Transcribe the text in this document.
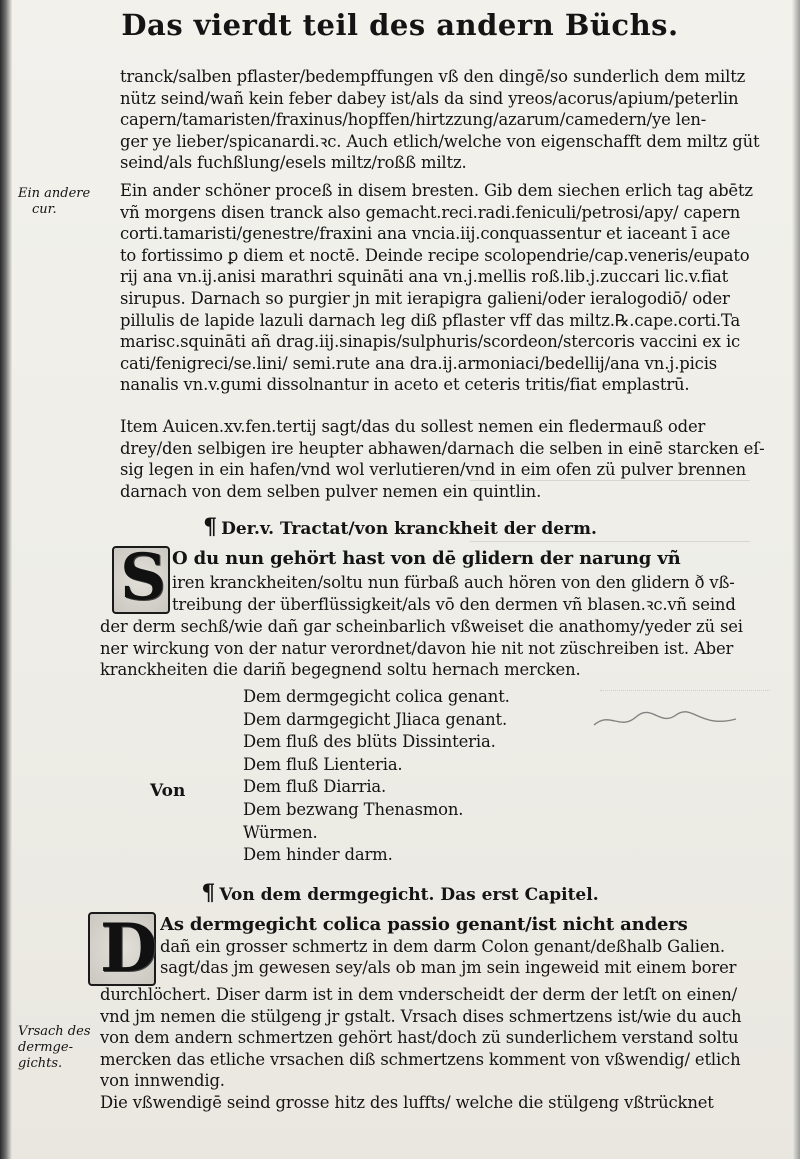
Das vierdt teil des andern Büchs.
tranck/salben pflaster/bedempffungen vß den dingē/so sunderlich dem miltz
nütz seind/wañ kein feber dabey ist/als da sind yreos/acorus/apium/peterlin
capern/tamaristen/fraxinus/hopffen/hirtzzung/azarum/camedern/ye len-
ger ye lieber/spicanardi.ꝛc. Auch etlich/welche von eigenschafft dem miltz güt
seind/als fuchßlung/esels miltz/roßß miltz.
Ein andere
cur.
Ein ander schöner proceß in disem bresten. Gib dem siechen erlich tag abētz
vñ morgens disen tranck also gemacht.reci.radi.feniculi/petrosi/apy/ capern
corti.tamaristi/genestre/fraxini ana vncia.iij.conquassentur et iaceant ī ace
to fortissimo ꝑ diem et noctē. Deinde recipe scolopendrie/cap.veneris/eupato
rij ana vn.ij.anisi marathri squināti ana vn.j.mellis roß.lib.j.zuccari lic.v.fiat
sirupus. Darnach so purgier jn mit ierapigra galieni/oder ieralogodiō/ oder
pillulis de lapide lazuli darnach leg diß pflaster vff das miltz.℞.cape.corti.Ta
marisc.squināti añ drag.iij.sinapis/sulphuris/scordeon/stercoris vaccini ex ic
cati/fenigreci/se.lini/ semi.rute ana dra.ij.armoniaci/bedellij/ana vn.j.picis
nanalis vn.v.gumi dissolnantur in aceto et ceteris tritis/fiat emplastrū.
Item Auicen.xv.fen.tertij sagt/das du sollest nemen ein fledermauß oder
drey/den selbigen ire heupter abhawen/darnach die selben in einē starcken eſ-
sig legen in ein hafen/vnd wol verlutieren/vnd in eim ofen zü pulver brennen
darnach von dem selben pulver nemen ein quintlin.
¶ Der.v. Tractat/von kranckheit der derm.
S O du nun gehört hast von dē glidern der narung vñ
iren kranckheiten/soltu nun fürbaß auch hören von den glidern ð vß-
treibung der überflüssigkeit/als vō den dermen vñ blasen.ꝛc.vñ seind
der derm sechß/wie dañ gar scheinbarlich vßweiset die anathomy/yeder zü sei
ner wirckung von der natur verordnet/davon hie nit not züschreiben ist. Aber
kranckheiten die dariñ begegnend soltu hernach mercken.
Von
Dem dermgegicht colica genant.
Dem darmgegicht Jliaca genant.
Dem fluß des blüts Dissinteria.
Dem fluß Lienteria.
Dem fluß Diarria.
Dem bezwang Thenasmon.
Würmen.
Dem hinder darm.
¶ Von dem dermgegicht. Das erst Capitel.
D As dermgegicht colica passio genant/ist nicht anders
dañ ein grosser schmertz in dem darm Colon genant/deßhalb Galien.
sagt/das jm gewesen sey/als ob man jm sein ingeweid mit einem borer
durchlöchert. Diser darm ist in dem vnderscheidt der derm der letſt on einen/
vnd jm nemen die stülgeng jr gstalt. Vrsach dises schmertzens ist/wie du auch
von dem andern schmertzen gehört hast/doch zü sunderlichem verstand soltu
mercken das etliche vrsachen diß schmertzens komment von vßwendig/ etlich
von innwendig.
Die vßwendigē seind grosse hitz des luffts/ welche die stülgeng vßtrücknet
Vrsach des
dermge-
gichts.
